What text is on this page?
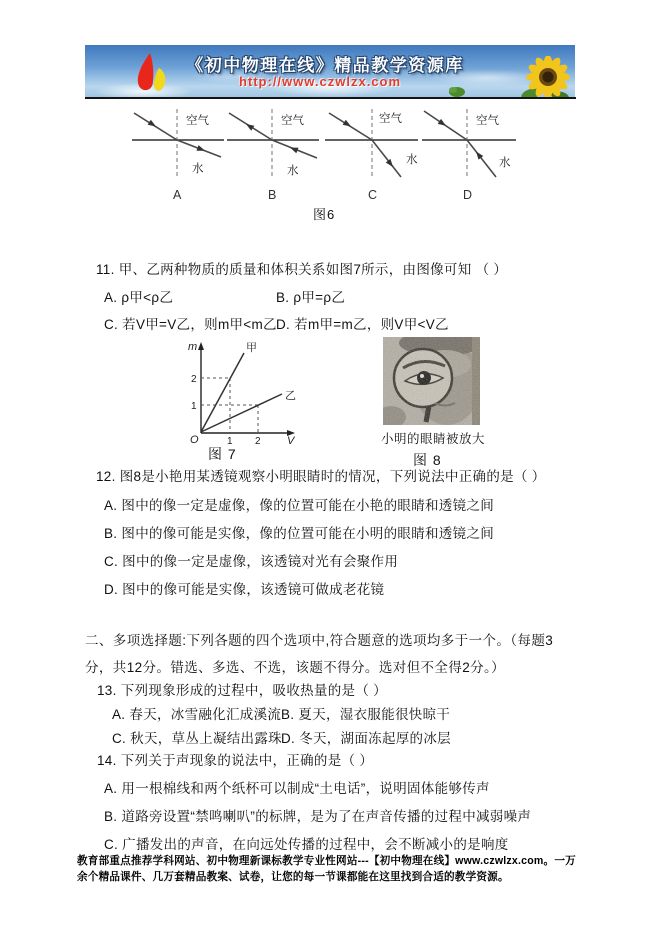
《初中物理在线》精品教学资源库
http://www.czwlzx.com
空气
水
A
空气
水
B
空气
水
C
空气
水
D
图6
11. 甲、乙两种物质的质量和体积关系如图7所示，由图像可知 （ ）
A. ρ甲<ρ乙	B. ρ甲=ρ乙
C. 若V甲=V乙，则m甲<m乙 D. 若m甲=m乙，则V甲<V乙
m
V
O
2
1
1 2
甲
乙
图 7
小明的眼睛被放大
图 8
12. 图8是小艳用某透镜观察小明眼睛时的情况，下列说法中正确的是（ ）
A. 图中的像一定是虚像，像的位置可能在小艳的眼睛和透镜之间
B. 图中的像可能是实像，像的位置可能在小明的眼睛和透镜之间
C. 图中的像一定是虚像，该透镜对光有会聚作用
D. 图中的像可能是实像，该透镜可做成老花镜
二、多项选择题:下列各题的四个选项中,符合题意的选项均多于一个。（每题3分，共12分。错选、多选、不选，该题不得分。选对但不全得2分。）
13. 下列现象形成的过程中，吸收热量的是（ ）
A. 春天，冰雪融化汇成溪流 B. 夏天，湿衣服能很快晾干
C. 秋天，草丛上凝结出露珠 D. 冬天，湖面冻起厚的冰层
14. 下列关于声现象的说法中，正确的是（ ）
A. 用一根棉线和两个纸杯可以制成“土电话”，说明固体能够传声
B. 道路旁设置“禁鸣喇叭”的标牌，是为了在声音传播的过程中减弱噪声
C. 广播发出的声音，在向远处传播的过程中，会不断减小的是响度
教育部重点推荐学科网站、初中物理新课标教学专业性网站---【初中物理在线】www.czwlzx.com。一万余个精品课件、几万套精品教案、试卷，让您的每一节课都能在这里找到合适的教学资源。
